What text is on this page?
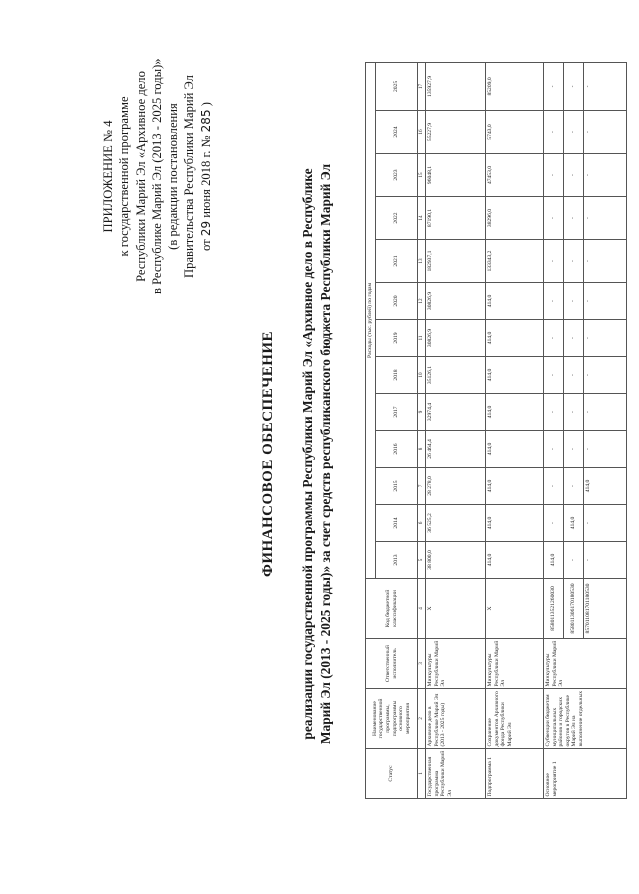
ПРИЛОЖЕНИЕ № 4 к государственной программе Республики Марий Эл «Архивное дело в Республике Марий Эл (2013 - 2025 годы)» (в редакции постановления Правительства Республики Марий Эл от 29 июня 2018 г. № 285 )
ФИНАНСОВОЕ ОБЕСПЕЧЕНИЕ реализации государственной программы Республики Марий Эл «Архивное дело в Республике Марий Эл (2013 - 2025 годы)» за счет средств республиканского бюджета Республики Марий Эл
Статус	Наименование государственной программы, подпрограммы основного мероприятия	Ответственный исполнитель	Код бюджетной классификации	Расходы (тыс. рублей) по годам												
				2013	2014	2015	2016	2017	2018	2019	2020	2021	2022	2023	2024	2025
1	2	3	4	5	6	7	8	9	10	11	12	13	14	15	16	17
Государственная программа Республики Марий Эл	Архивное дело в Республике Марий Эл (2013 - 2025 годы)	Минкультуры Республики Марий Эл	X	38 800,0	36 525,2	28 278,0	26 464,4	32974,4	35126,1	30826,9	30826,9	182937,1	87190,1	96048,1	55227,9	135927,9
Подпрограмма 1	Сохранение документов Архивного фонда Республики Марий Эл	Минкультуры Республики Марий Эл	X	414,0	414,0	414,0	414,0	414,0	414,0	414,0	414,0	133343,2	38296,0	47453,0	5743,0	85209,0
Основное мероприятие 1	Субвенции бюджетам муниципальных районов и городских округов в Республике Марий Эл на выполнение отдельных	Минкультуры Республики Марий Эл	8580113521260030	414,0	-	-	-	-	-	-	-	-	-	-	-	-
			858011306170180530	-	414,0	-	-	-	-	-	-	-	-	-	-	-
			857011081701180530	-	-	414,0	-	-	-	-	-	-	-	-	-	-
